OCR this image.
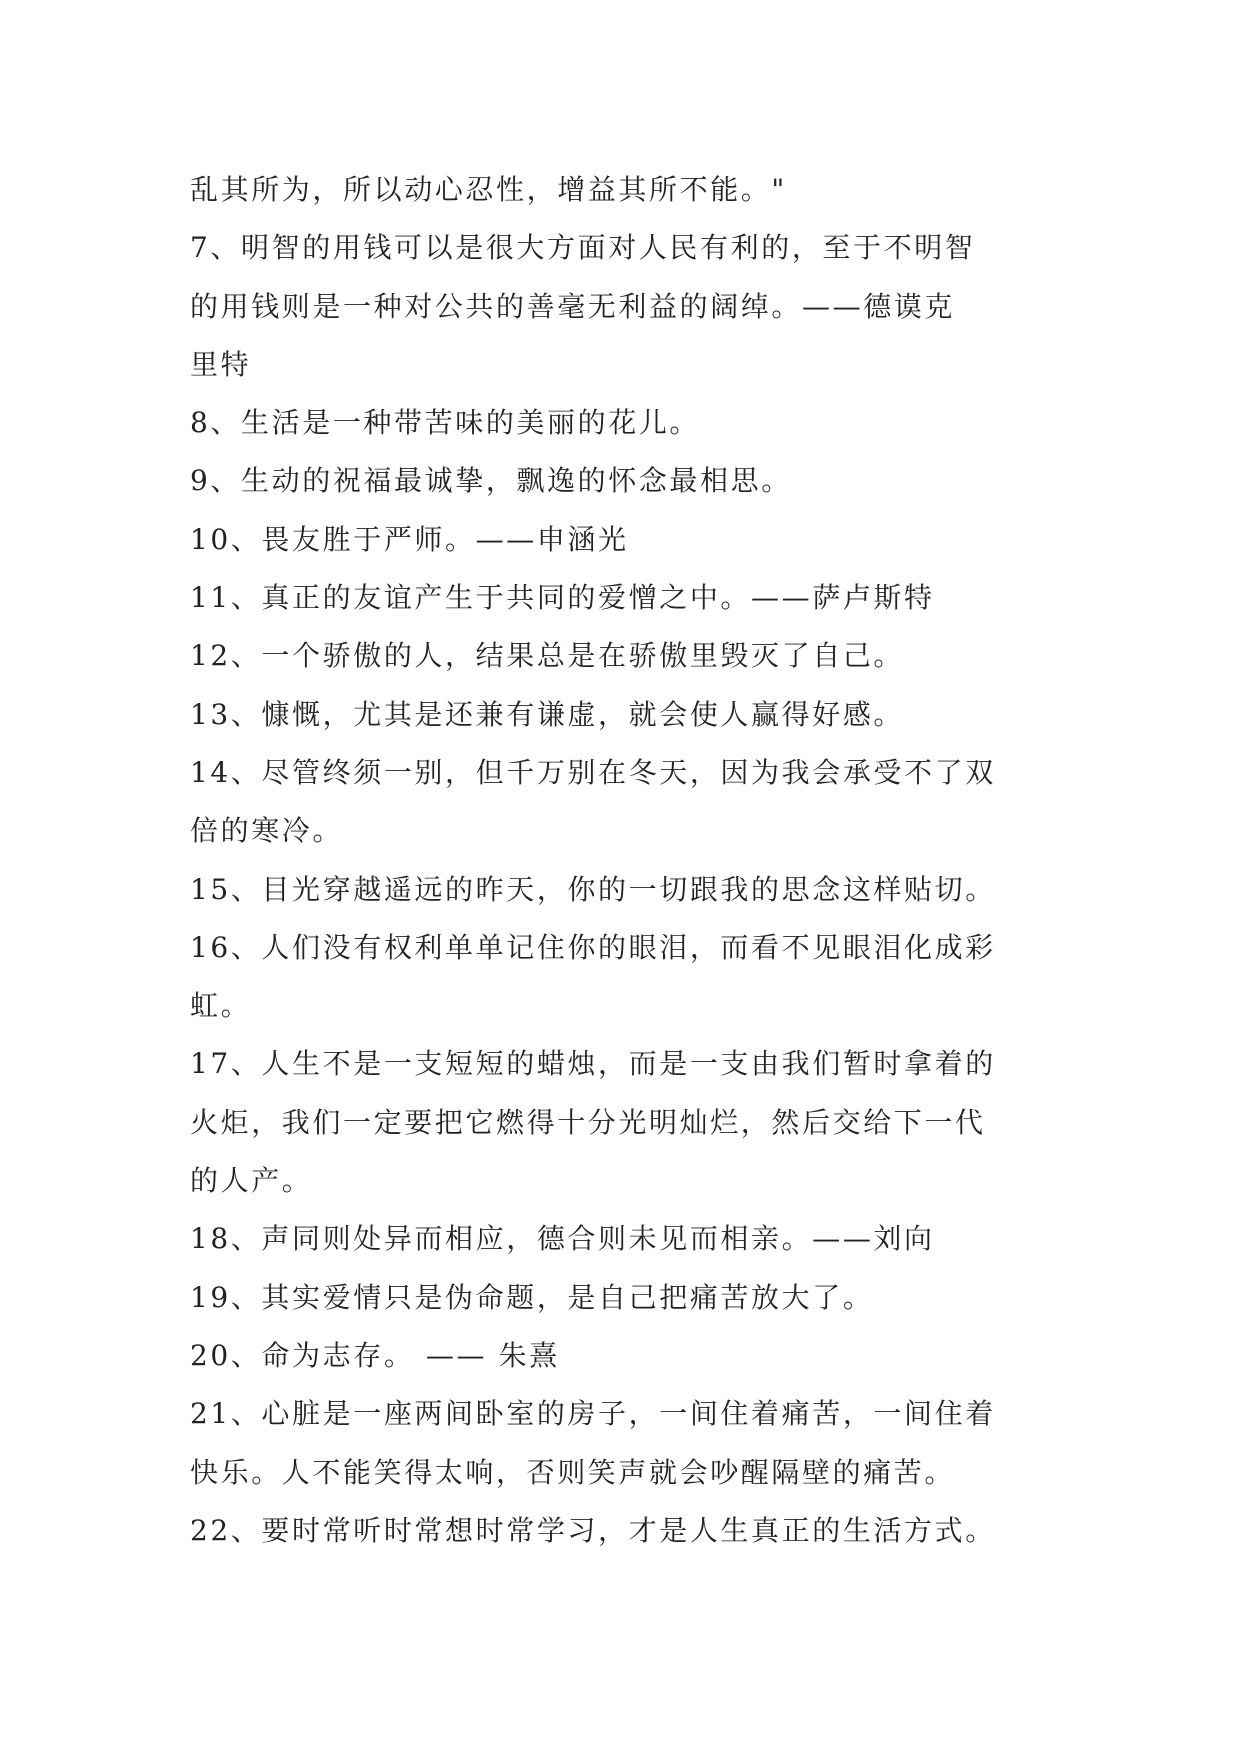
乱其所为，所以动心忍性，增益其所不能。"
7、明智的用钱可以是很大方面对人民有利的，至于不明智
的用钱则是一种对公共的善毫无利益的阔绰。——德谟克
里特
8、生活是一种带苦味的美丽的花儿。
9、生动的祝福最诚挚，飘逸的怀念最相思。
10、畏友胜于严师。——申涵光
11、真正的友谊产生于共同的爱憎之中。——萨卢斯特
12、一个骄傲的人，结果总是在骄傲里毁灭了自己。
13、慷慨，尤其是还兼有谦虚，就会使人赢得好感。
14、尽管终须一别，但千万别在冬天，因为我会承受不了双
倍的寒冷。
15、目光穿越遥远的昨天，你的一切跟我的思念这样贴切。
16、人们没有权利单单记住你的眼泪，而看不见眼泪化成彩
虹。
17、人生不是一支短短的蜡烛，而是一支由我们暂时拿着的
火炬，我们一定要把它燃得十分光明灿烂，然后交给下一代
的人产。
18、声同则处异而相应，德合则未见而相亲。——刘向
19、其实爱情只是伪命题，是自己把痛苦放大了。
20、命为志存。 —— 朱熹
21、心脏是一座两间卧室的房子，一间住着痛苦，一间住着
快乐。人不能笑得太响，否则笑声就会吵醒隔壁的痛苦。
22、要时常听时常想时常学习，才是人生真正的生活方式。
